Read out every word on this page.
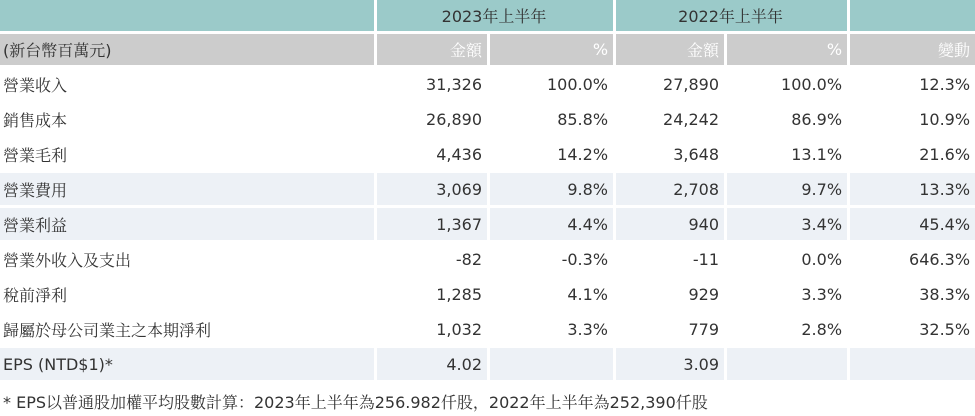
	2023年上半年		2022年上半年		
(新台幣百萬元)	金額	%	金額	%	變動
營業收入	31,326	100.0%	27,890	100.0%	12.3%
銷售成本	26,890	85.8%	24,242	86.9%	10.9%
營業毛利	4,436	14.2%	3,648	13.1%	21.6%
營業費用	3,069	9.8%	2,708	9.7%	13.3%
營業利益	1,367	4.4%	940	3.4%	45.4%
營業外收入及支出	-82	-0.3%	-11	0.0%	646.3%
稅前淨利	1,285	4.1%	929	3.3%	38.3%
歸屬於母公司業主之本期淨利	1,032	3.3%	779	2.8%	32.5%
EPS (NTD$1)*	4.02		3.09		
* EPS以普通股加權平均股數計算：2023年上半年為256.982仟股，2022年上半年為252,390仟股
